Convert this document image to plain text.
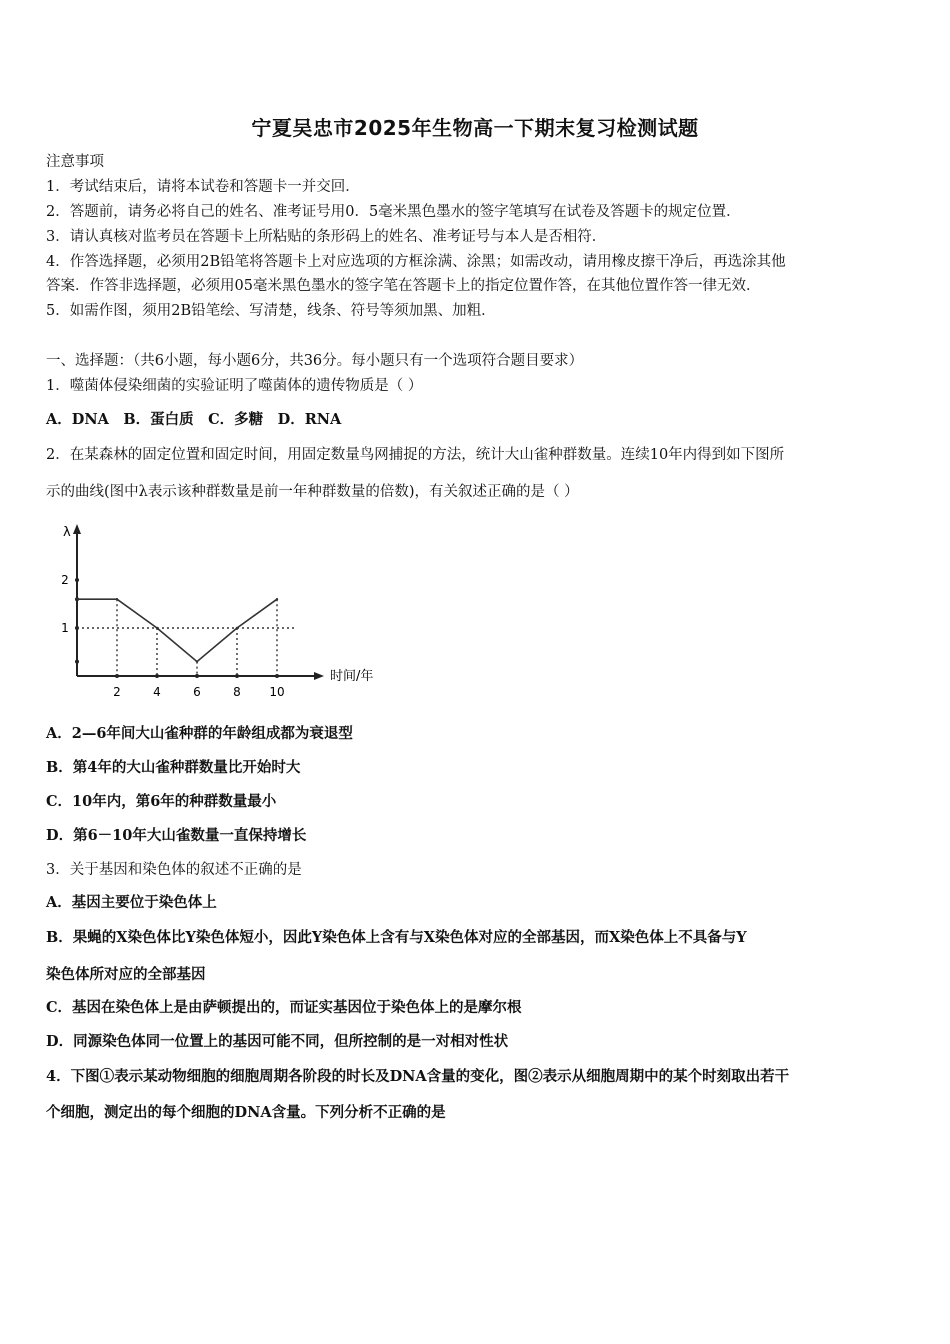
宁夏吴忠市2025年生物高一下期末复习检测试题
注意事项
1．考试结束后，请将本试卷和答题卡一并交回．
2．答题前，请务必将自己的姓名、准考证号用0．5毫米黑色墨水的签字笔填写在试卷及答题卡的规定位置．
3．请认真核对监考员在答题卡上所粘贴的条形码上的姓名、准考证号与本人是否相符．
4．作答选择题，必须用2B铅笔将答题卡上对应选项的方框涂满、涂黑；如需改动，请用橡皮擦干净后，再选涂其他
答案．作答非选择题，必须用05毫米黑色墨水的签字笔在答题卡上的指定位置作答，在其他位置作答一律无效．
5．如需作图，须用2B铅笔绘、写清楚，线条、符号等须加黑、加粗．
一、选择题：（共6小题，每小题6分，共36分。每小题只有一个选项符合题目要求）
1．噬菌体侵染细菌的实验证明了噬菌体的遗传物质是（ ）
A．DNA　B．蛋白质　C．多糖　D．RNA
2．在某森林的固定位置和固定时间，用固定数量鸟网捕捉的方法，统计大山雀种群数量。连续10年内得到如下图所
示的曲线(图中λ表示该种群数量是前一年种群数量的倍数)，有关叙述正确的是（ ）
λ
时间/年
2	4	6	8 10
2
1
A．2—6年间大山雀种群的年龄组成都为衰退型
B．第4年的大山雀种群数量比开始时大
C．10年内，第6年的种群数量最小
D．第6－10年大山雀数量一直保持增长
3．关于基因和染色体的叙述不正确的是
A．基因主要位于染色体上
B．果蝇的X染色体比Y染色体短小，因此Y染色体上含有与X染色体对应的全部基因，而X染色体上不具备与Y
染色体所对应的全部基因
C．基因在染色体上是由萨顿提出的，而证实基因位于染色体上的是摩尔根
D．同源染色体同一位置上的基因可能不同，但所控制的是一对相对性状
4．下图①表示某动物细胞的细胞周期各阶段的时长及DNA含量的变化，图②表示从细胞周期中的某个时刻取出若干
个细胞，测定出的每个细胞的DNA含量。下列分析不正确的是
